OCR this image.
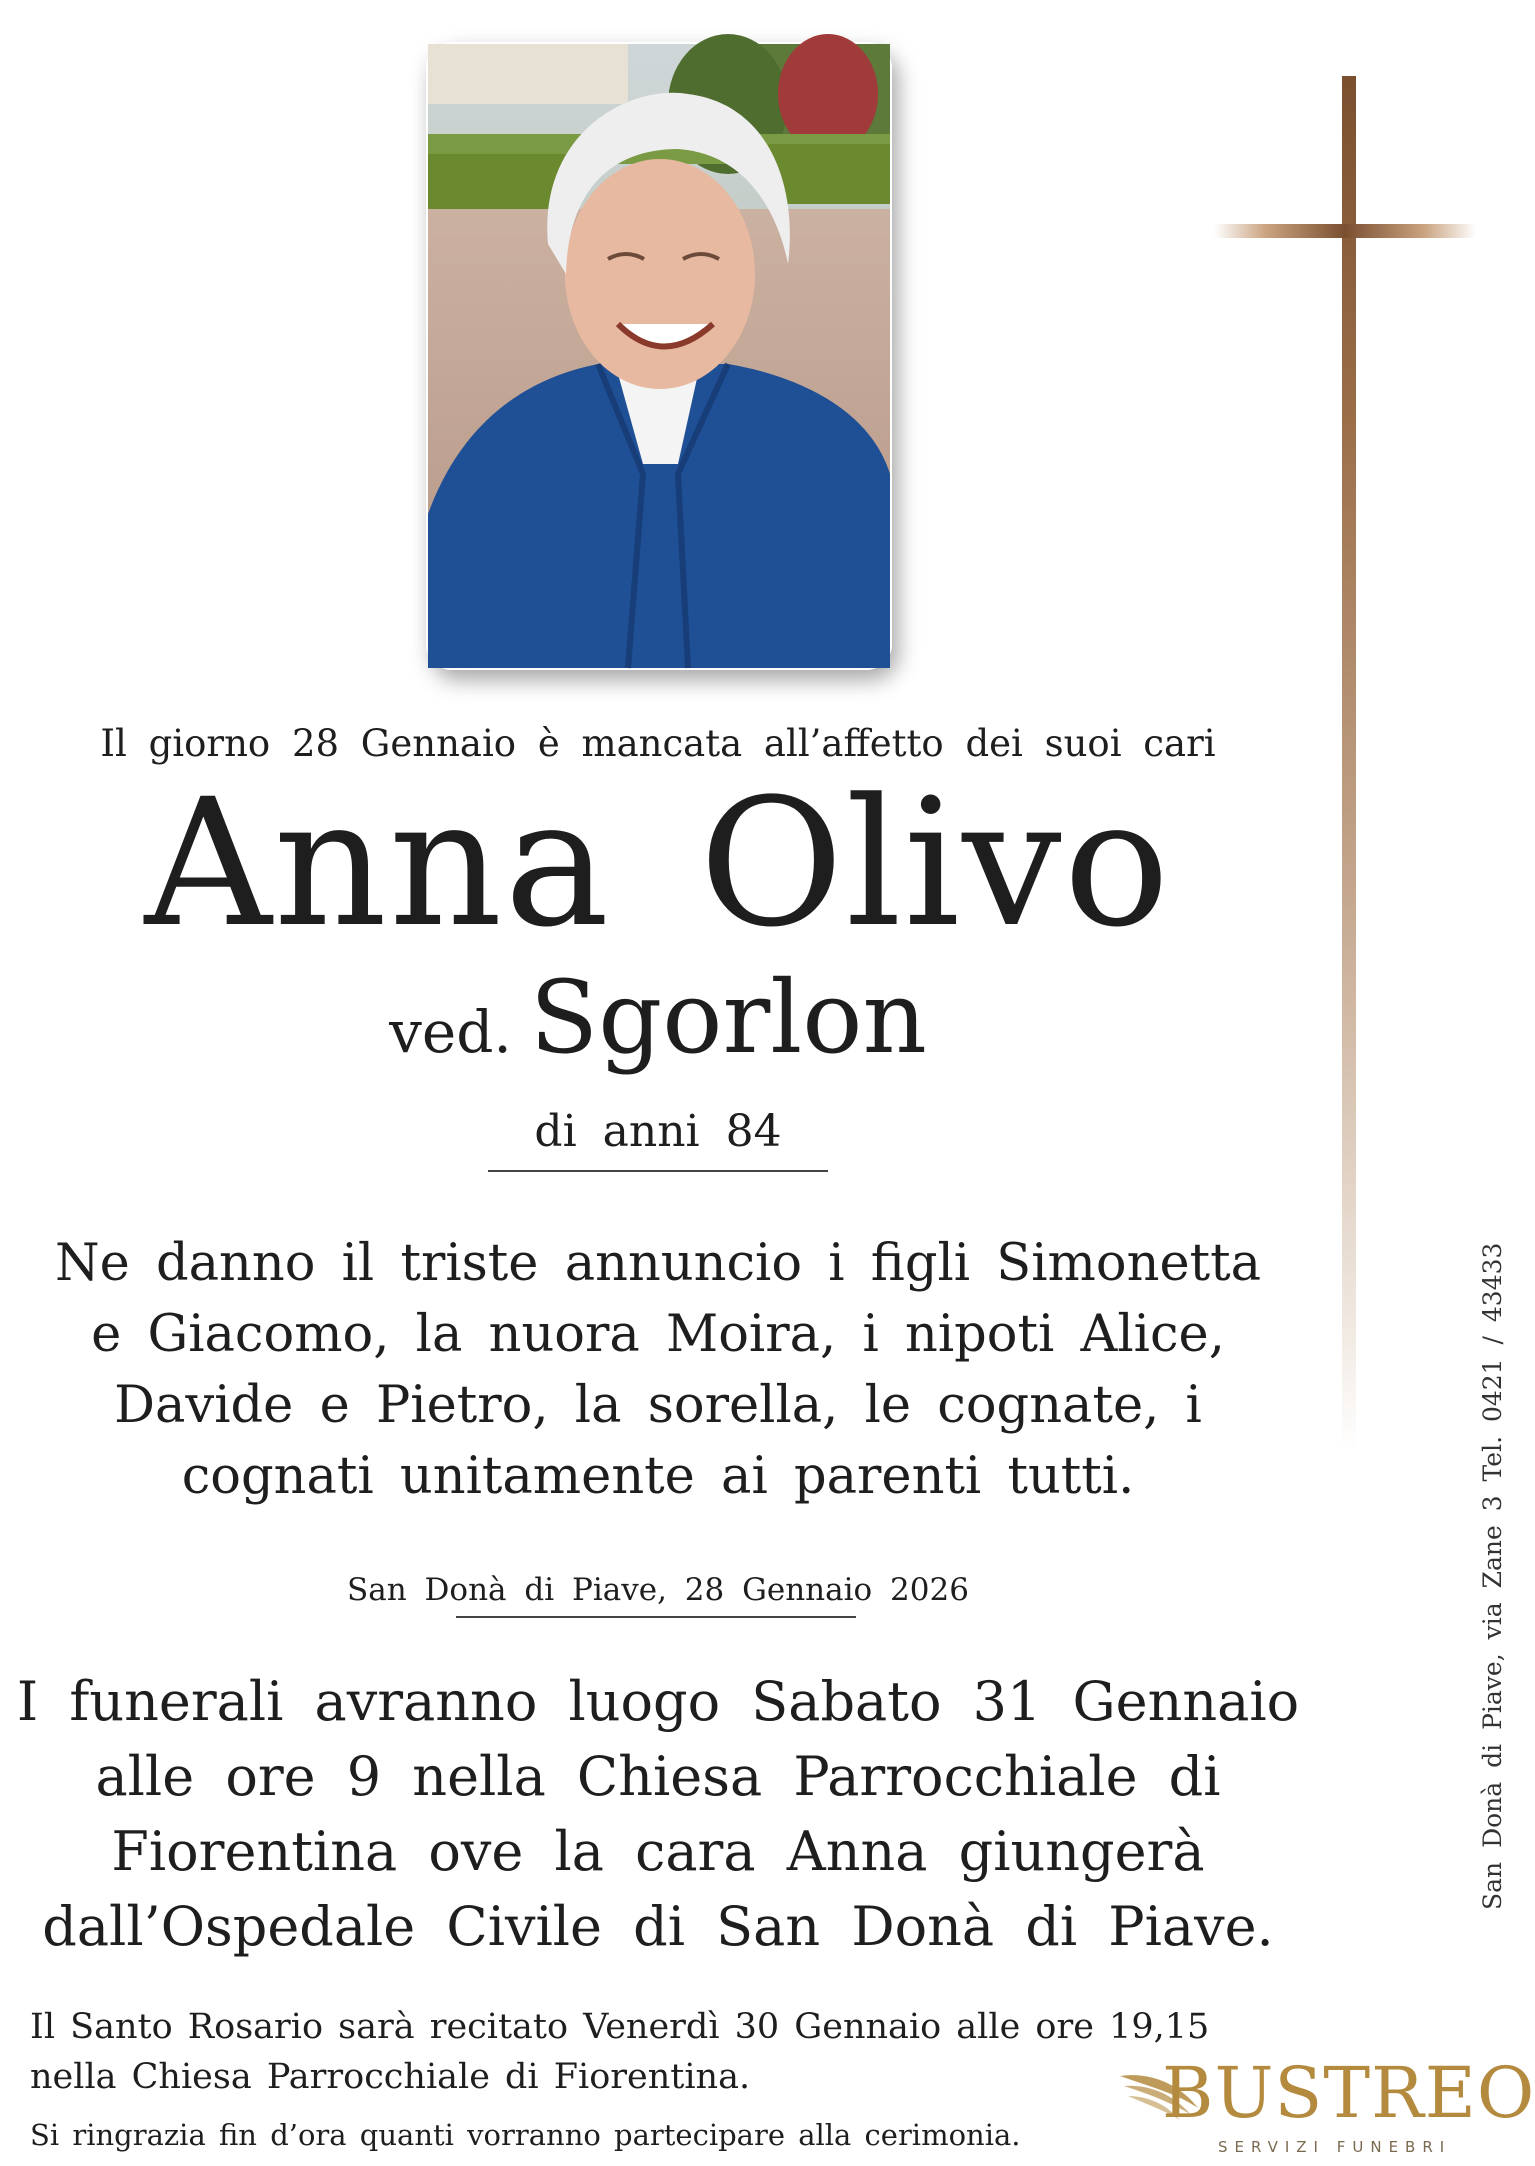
Il giorno 28 Gennaio è mancata all’affetto dei suoi cari
Anna Olivo
ved. Sgorlon
di anni 84
Ne danno il triste annuncio i figli Simonetta e Giacomo, la nuora Moira, i nipoti Alice, Davide e Pietro, la sorella, le cognate, i cognati unitamente ai parenti tutti.
San Donà di Piave, 28 Gennaio 2026
I funerali avranno luogo Sabato 31 Gennaio alle ore 9 nella Chiesa Parrocchiale di Fiorentina ove la cara Anna giungerà dall’Ospedale Civile di San Donà di Piave.
Il Santo Rosario sarà recitato Venerdì 30 Gennaio alle ore 19,15 nella Chiesa Parrocchiale di Fiorentina.
Si ringrazia fin d’ora quanti vorranno partecipare alla cerimonia.
San Donà di Piave, via Zane 3 Tel. 0421 / 43433
BUSTREO
SERVIZI FUNEBRI
